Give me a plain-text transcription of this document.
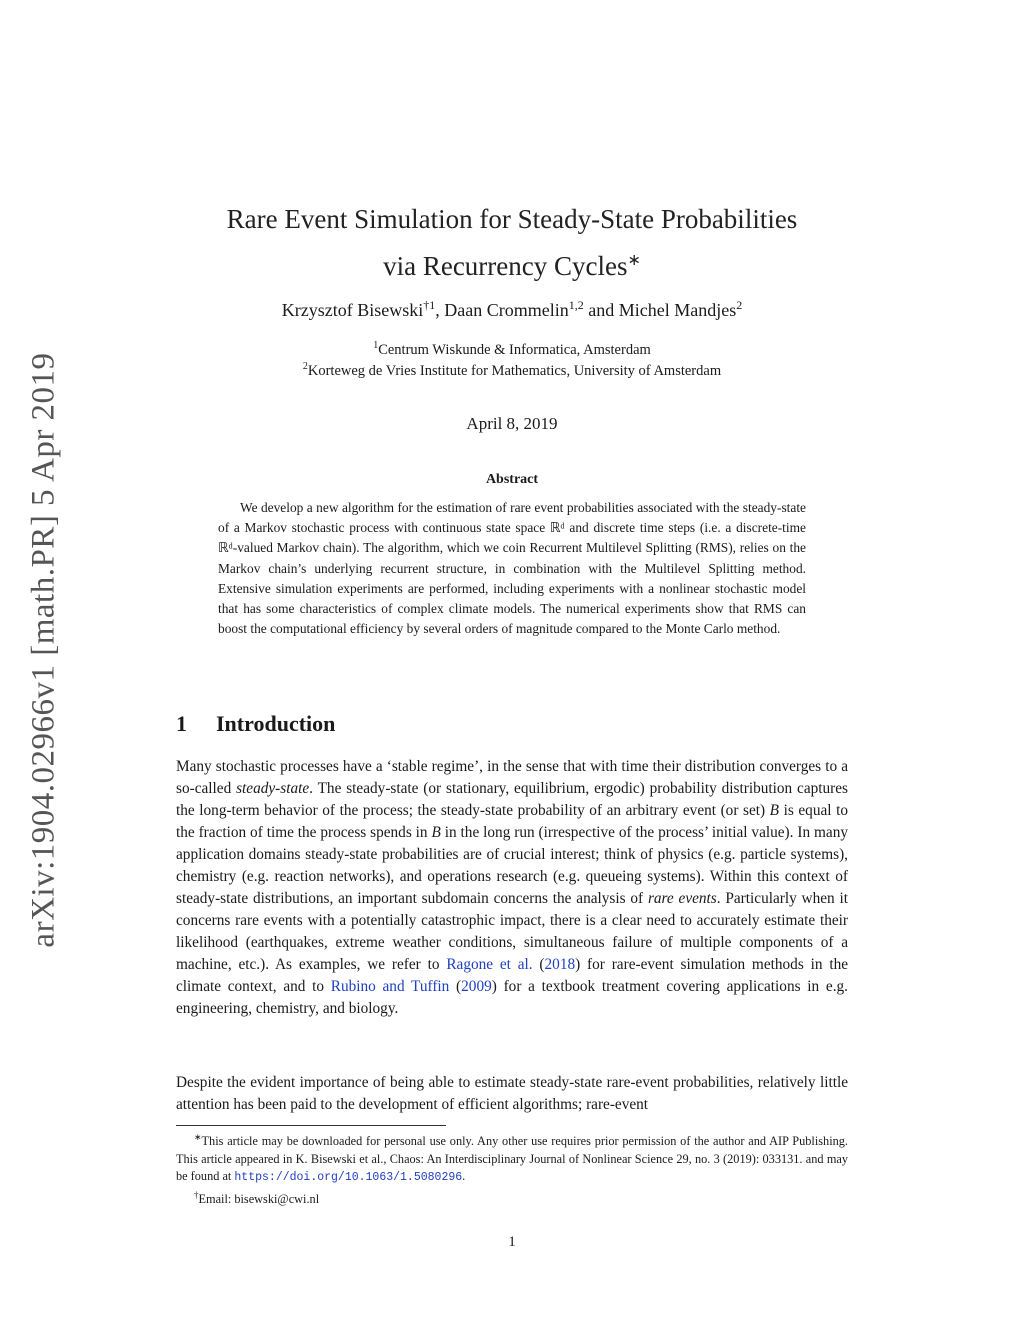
arXiv:1904.02966v1 [math.PR] 5 Apr 2019
Rare Event Simulation for Steady-State Probabilities
via Recurrency Cycles∗
Krzysztof Bisewski$^{\dagger 1}$, Daan Crommelin$^{1,2}$ and Michel Mandjes$^2$
$^1$Centrum Wiskunde & Informatica, Amsterdam
$^2$Korteweg de Vries Institute for Mathematics, University of Amsterdam
April 8, 2019
Abstract
We develop a new algorithm for the estimation of rare event probabilities associated with the steady-state of a Markov stochastic process with continuous state space ℝᵈ and discrete time steps (i.e. a discrete-time ℝᵈ-valued Markov chain). The algorithm, which we coin Recurrent Multilevel Splitting (RMS), relies on the Markov chain’s underlying recurrent structure, in combination with the Multilevel Splitting method. Extensive simulation experiments are performed, including experiments with a nonlinear stochastic model that has some characteristics of complex climate models. The numerical experiments show that RMS can boost the computational efficiency by several orders of magnitude compared to the Monte Carlo method.
1 Introduction
Many stochastic processes have a ‘stable regime’, in the sense that with time their distribution converges to a so-called steady-state. The steady-state (or stationary, equilibrium, ergodic) probability distribution captures the long-term behavior of the process; the steady-state probability of an arbitrary event (or set) B is equal to the fraction of time the process spends in B in the long run (irrespective of the process’ initial value). In many application domains steady-state probabilities are of crucial interest; think of physics (e.g. particle systems), chemistry (e.g. reaction networks), and operations research (e.g. queueing systems). Within this context of steady-state distributions, an important subdomain concerns the analysis of rare events. Particularly when it concerns rare events with a potentially catastrophic impact, there is a clear need to accurately estimate their likelihood (earthquakes, extreme weather conditions, simultaneous failure of multiple components of a machine, etc.). As examples, we refer to Ragone et al. (2018) for rare-event simulation methods in the climate context, and to Rubino and Tuffin (2009) for a textbook treatment covering applications in e.g. engineering, chemistry, and biology.
Despite the evident importance of being able to estimate steady-state rare-event probabilities, relatively little attention has been paid to the development of efficient algorithms; rare-event
∗This article may be downloaded for personal use only. Any other use requires prior permission of the author and AIP Publishing. This article appeared in K. Bisewski et al., Chaos: An Interdisciplinary Journal of Nonlinear Science 29, no. 3 (2019): 033131. and may be found at https://doi.org/10.1063/1.5080296.
†Email: bisewski@cwi.nl
1
